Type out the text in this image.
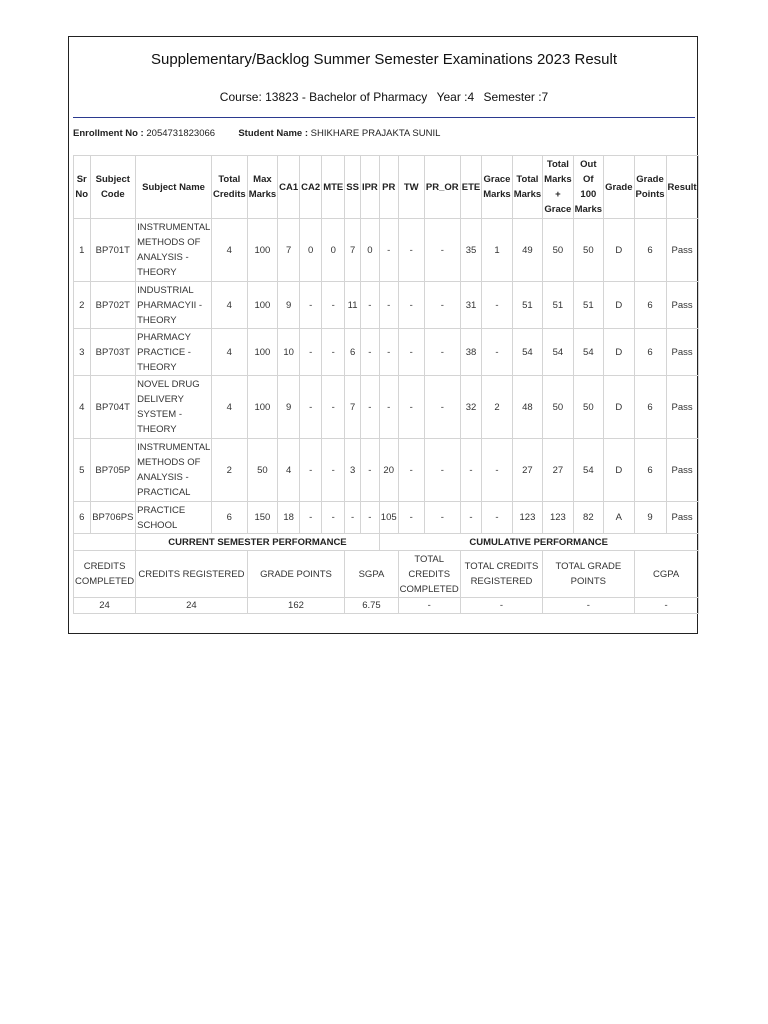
Supplementary/Backlog Summer Semester Examinations 2023 Result
Course: 13823 - Bachelor of Pharmacy Year :4 Semester :7
Enrollment No : 2054731823066 Student Name : SHIKHARE PRAJAKTA SUNIL
Sr No	Subject Code	Subject Name	Total Credits	Max Marks	CA1	CA2	MTE	SS	IPR	PR	TW	PR_OR	ETE	Grace Marks	Total Marks	Total Marks + Grace	Out Of 100 Marks	Grade	Grade Points	Result
1	BP701T	INSTRUMENTAL METHODS OF ANALYSIS - THEORY	4	100	7	0	0	7	0	-	-	-	35	1	49	50	50	D	6	Pass
2	BP702T	INDUSTRIAL PHARMACYII - THEORY	4	100	9	-	-	11	-	-	-	-	31	-	51	51	51	D	6	Pass
3	BP703T	PHARMACY PRACTICE - THEORY	4	100	10	-	-	6	-	-	-	-	38	-	54	54	54	D	6	Pass
4	BP704T	NOVEL DRUG DELIVERY SYSTEM - THEORY	4	100	9	-	-	7	-	-	-	-	32	2	48	50	50	D	6	Pass
5	BP705P	INSTRUMENTAL METHODS OF ANALYSIS - PRACTICAL	2	50	4	-	-	3	-	20	-	-	-	-	27	27	54	D	6	Pass
6	BP706PS	PRACTICE SCHOOL	6	150	18	-	-	-	-	105	-	-	-	-	123	123	82	A	9	Pass
		CURRENT SEMESTER PERFORMANCE								CUMULATIVE PERFORMANCE										
CREDITS COMPLETED		CREDITS REGISTERED		GRADE POINTS				SGPA			TOTAL CREDITS COMPLETED		TOTAL CREDITS REGISTERED			TOTAL GRADE POINTS			CGPA	
24		24		162				6.75			-		-			-			-	
